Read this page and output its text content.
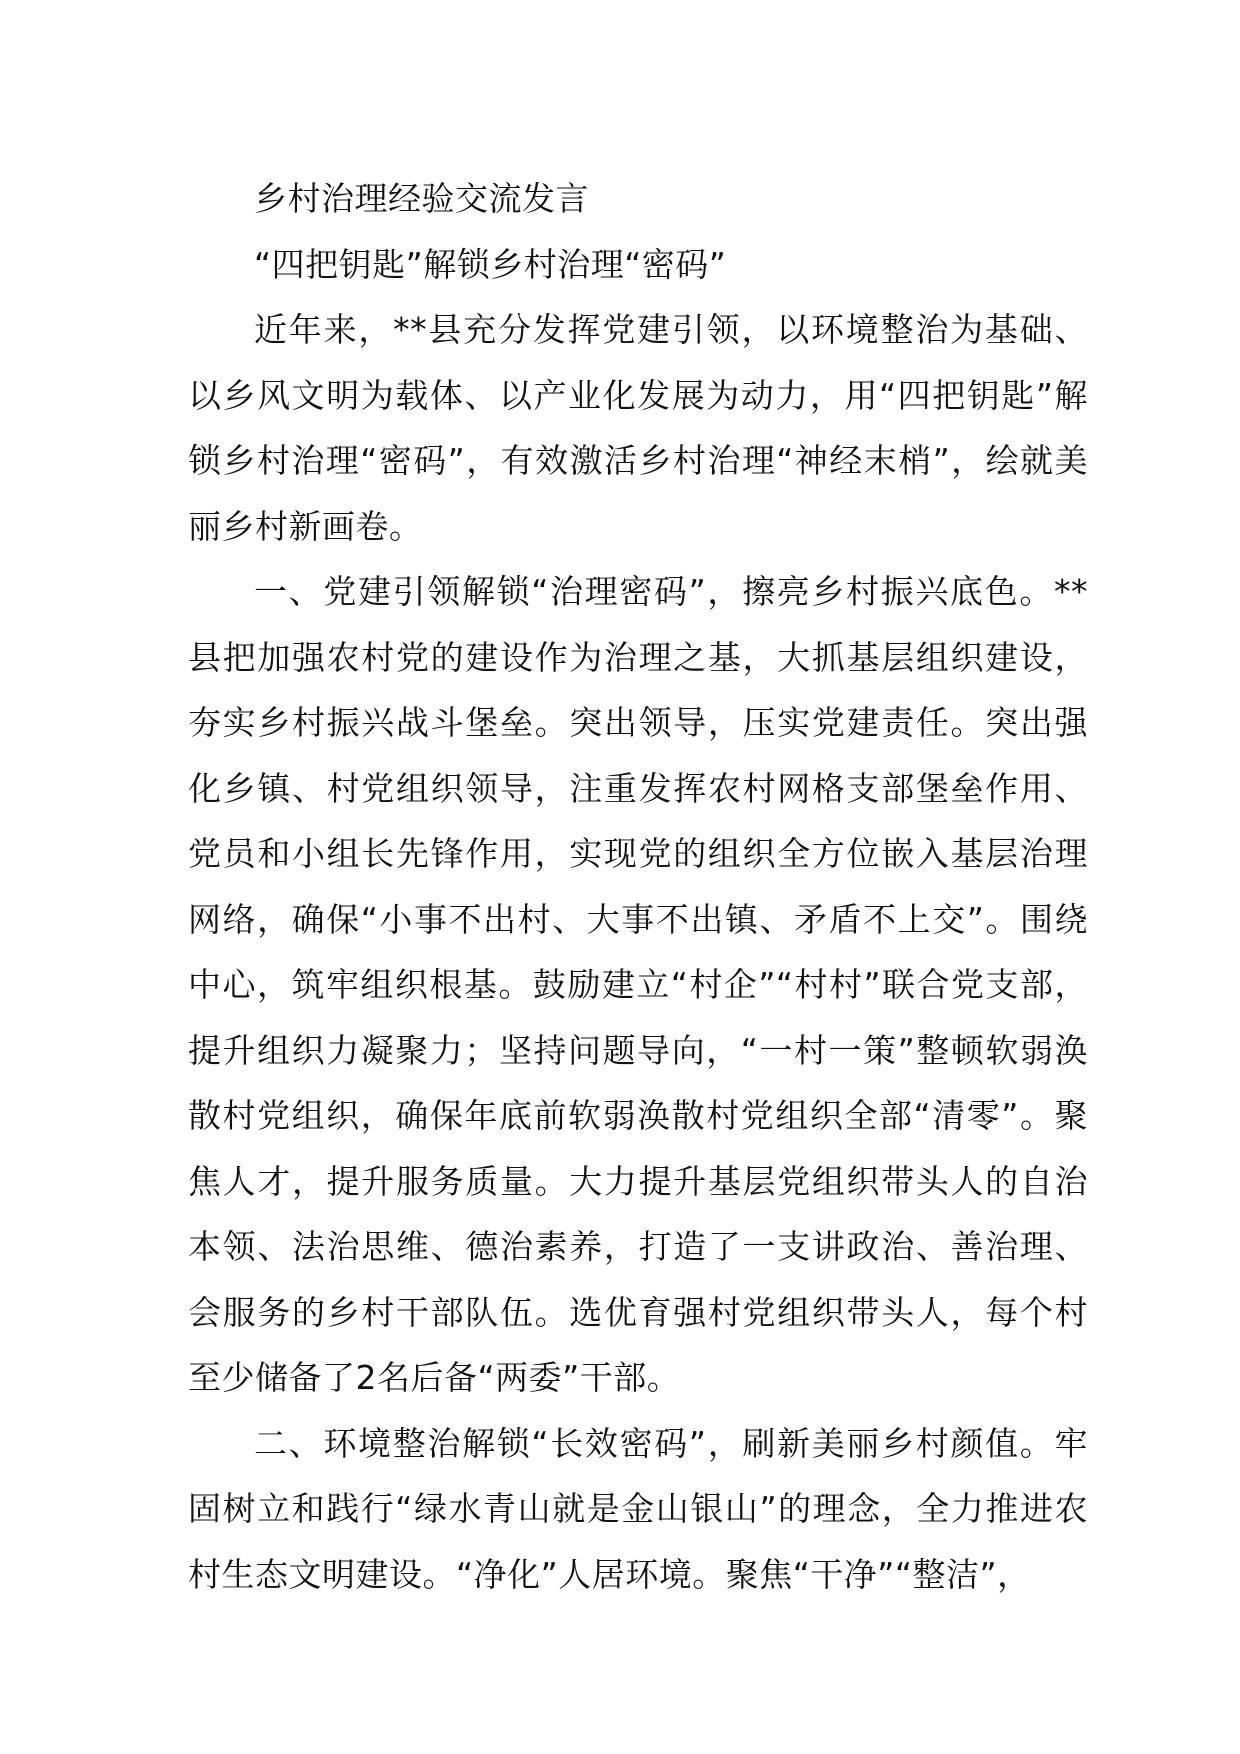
乡村治理经验交流发言

“四把钥匙”解锁乡村治理“密码”

近年来，**县充分发挥党建引领，以环境整治为基础、以乡风文明为载体、以产业化发展为动力，用“四把钥匙”解锁乡村治理“密码”，有效激活乡村治理“神经末梢”，绘就美丽乡村新画卷。

一、党建引领解锁“治理密码”，擦亮乡村振兴底色。**县把加强农村党的建设作为治理之基，大抓基层组织建设，夯实乡村振兴战斗堡垒。突出领导，压实党建责任。突出强化乡镇、村党组织领导，注重发挥农村网格支部堡垒作用、党员和小组长先锋作用，实现党的组织全方位嵌入基层治理网络，确保“小事不出村、大事不出镇、矛盾不上交”。围绕中心，筑牢组织根基。鼓励建立“村企”“村村”联合党支部，提升组织力凝聚力；坚持问题导向，“一村一策”整顿软弱涣散村党组织，确保年底前软弱涣散村党组织全部“清零”。聚焦人才，提升服务质量。大力提升基层党组织带头人的自治本领、法治思维、德治素养，打造了一支讲政治、善治理、会服务的乡村干部队伍。选优育强村党组织带头人，每个村至少储备了2名后备“两委”干部。

二、环境整治解锁“长效密码”，刷新美丽乡村颜值。牢固树立和践行“绿水青山就是金山银山”的理念，全力推进农村生态文明建设。“净化”人居环境。聚焦“干净”“整洁”，
